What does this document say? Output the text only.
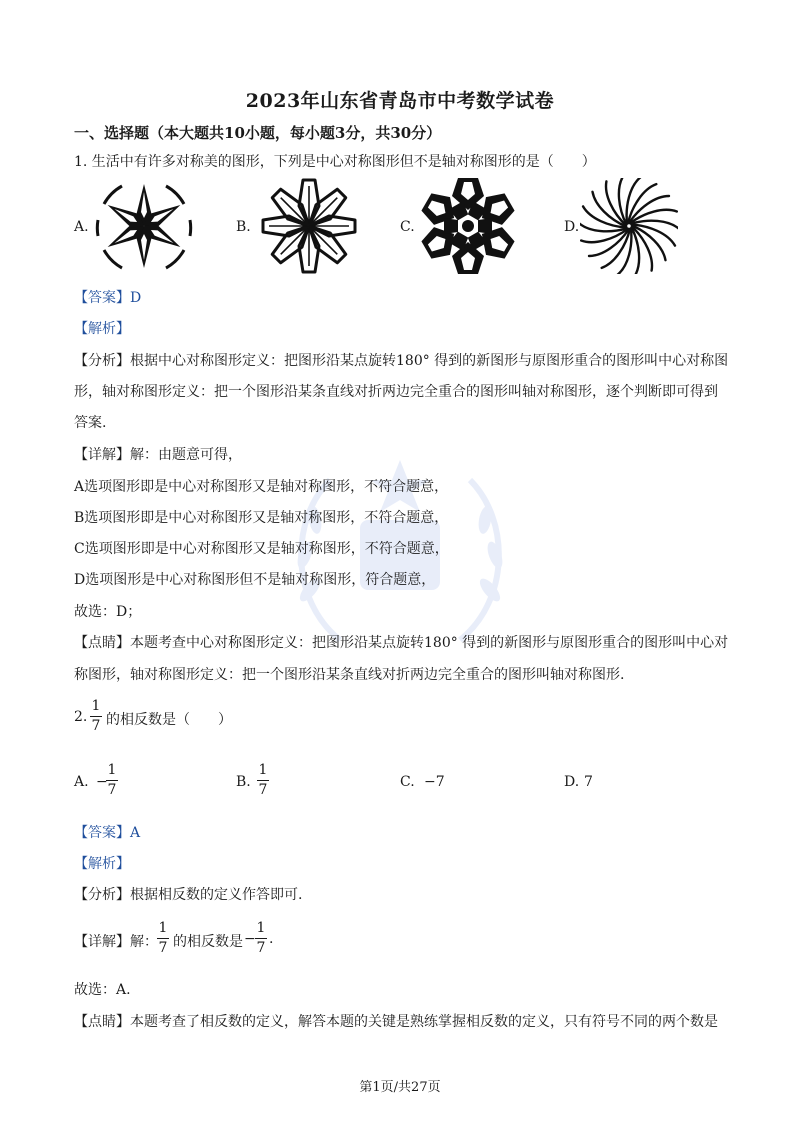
2023年山东省青岛市中考数学试卷
一、选择题（本大题共10小题，每小题3分，共30分）
1. 生活中有许多对称美的图形，下列是中心对称图形但不是轴对称图形的是（　　）
A.	B.	C.	D.
【答案】D
【解析】
【分析】根据中心对称图形定义：把图形沿某点旋转180° 得到的新图形与原图形重合的图形叫中心对称图
形，轴对称图形定义：把一个图形沿某条直线对折两边完全重合的图形叫轴对称图形，逐个判断即可得到
答案.
【详解】解：由题意可得，
A选项图形即是中心对称图形又是轴对称图形，不符合题意，
B选项图形即是中心对称图形又是轴对称图形，不符合题意，
C选项图形即是中心对称图形又是轴对称图形，不符合题意，
D选项图形是中心对称图形但不是轴对称图形，符合题意，
故选：D；
【点睛】本题考查中心对称图形定义：把图形沿某点旋转180° 得到的新图形与原图形重合的图形叫中心对
称图形，轴对称图形定义：把一个图形沿某条直线对折两边完全重合的图形叫轴对称图形.
2.
1
7 的相反数是（　　）
A. −
1
7	B.
1
7	C. −7	D. 7
【答案】A
【解析】
【分析】根据相反数的定义作答即可.
【详解】解：
1
7 的相反数是 −
1
7
.
故选：A.
【点睛】本题考查了相反数的定义，解答本题的关键是熟练掌握相反数的定义，只有符号不同的两个数是
第1页/共27页
